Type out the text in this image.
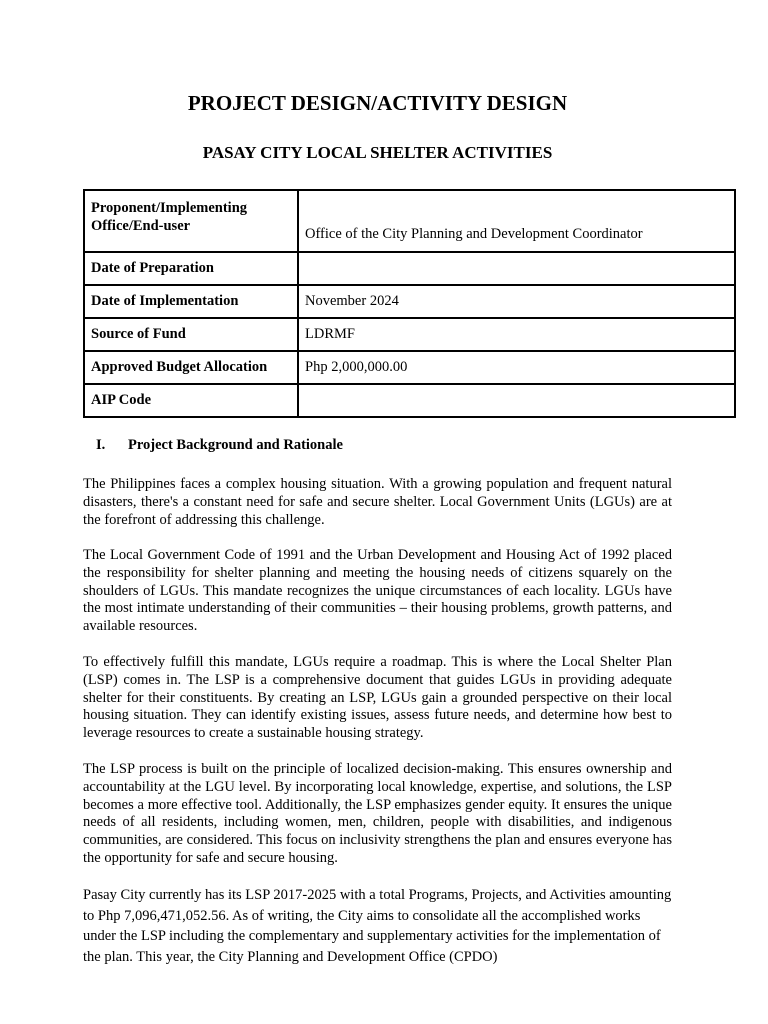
PROJECT DESIGN/ACTIVITY DESIGN
PASAY CITY LOCAL SHELTER ACTIVITIES
Proponent/Implementing Office/End-user	Office of the City Planning and Development Coordinator
Date of Preparation	
Date of Implementation	November 2024
Source of Fund	LDRMF
Approved Budget Allocation	Php 2,000,000.00
AIP Code	

I. Project Background and Rationale

The Philippines faces a complex housing situation. With a growing population and frequent natural disasters, there's a constant need for safe and secure shelter. Local Government Units (LGUs) are at the forefront of addressing this challenge.

The Local Government Code of 1991 and the Urban Development and Housing Act of 1992 placed the responsibility for shelter planning and meeting the housing needs of citizens squarely on the shoulders of LGUs. This mandate recognizes the unique circumstances of each locality. LGUs have the most intimate understanding of their communities – their housing problems, growth patterns, and available resources.

To effectively fulfill this mandate, LGUs require a roadmap. This is where the Local Shelter Plan (LSP) comes in. The LSP is a comprehensive document that guides LGUs in providing adequate shelter for their constituents. By creating an LSP, LGUs gain a grounded perspective on their local housing situation. They can identify existing issues, assess future needs, and determine how best to leverage resources to create a sustainable housing strategy.

The LSP process is built on the principle of localized decision-making. This ensures ownership and accountability at the LGU level. By incorporating local knowledge, expertise, and solutions, the LSP becomes a more effective tool. Additionally, the LSP emphasizes gender equity. It ensures the unique needs of all residents, including women, men, children, people with disabilities, and indigenous communities, are considered. This focus on inclusivity strengthens the plan and ensures everyone has the opportunity for safe and secure housing.

Pasay City currently has its LSP 2017-2025 with a total Programs, Projects, and Activities amounting to Php 7,096,471,052.56. As of writing, the City aims to consolidate all the accomplished works under the LSP including the complementary and supplementary activities for the implementation of the plan. This year, the City Planning and Development Office (CPDO)
